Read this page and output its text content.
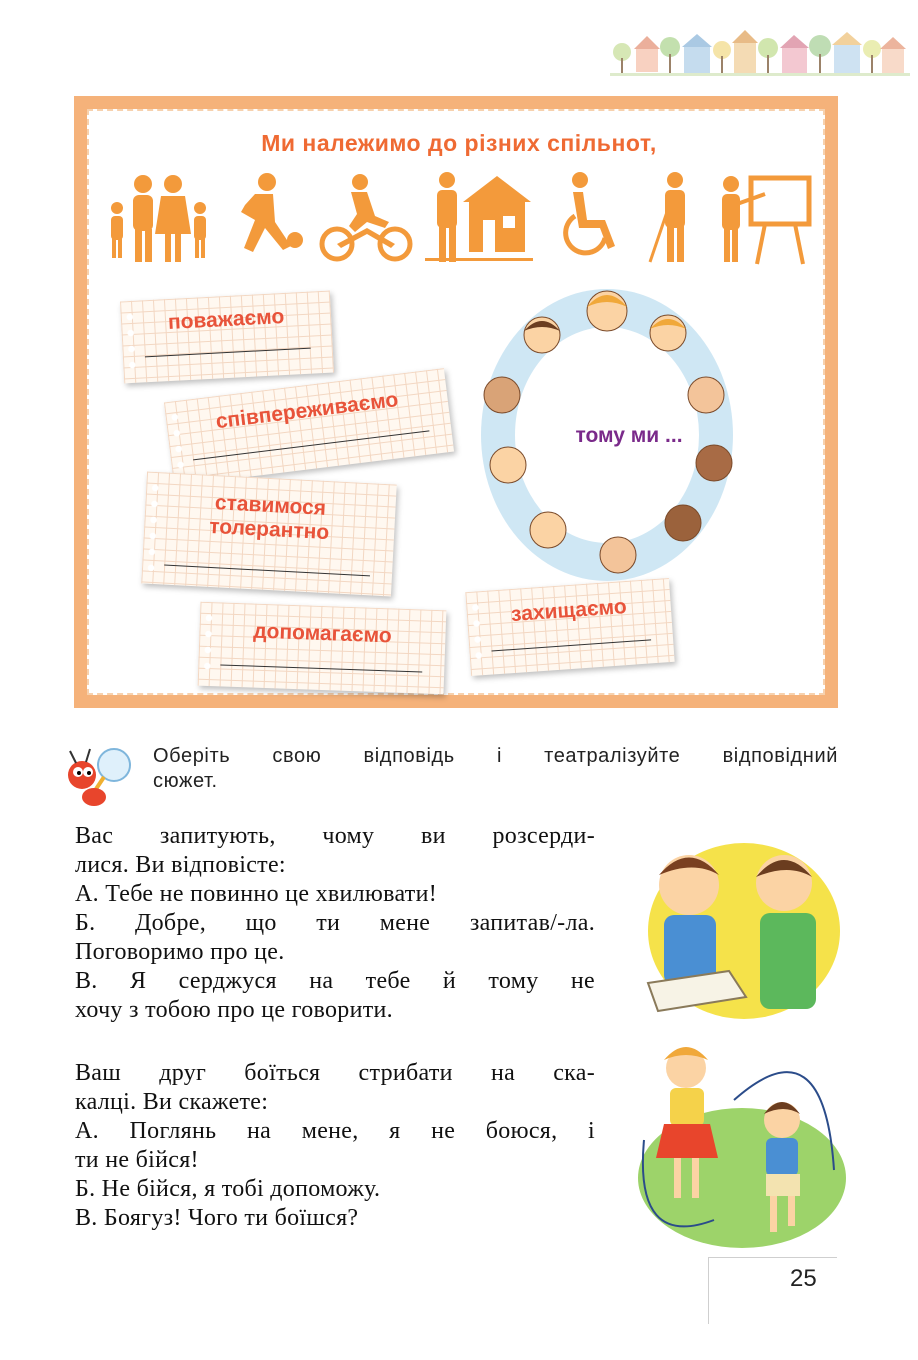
Ми належимо до різних спільнот,
поважаємо
співпереживаємо
ставимося толерантно
допомагаємо
захищаємо
тому ми ...
Оберіть свою відповідь і театралізуйте відповідний
сюжет.
Вас запитують, чому ви розсерди-
лися. Ви відповісте:
А. Тебе не повинно це хвилювати!
Б. Добре, що ти мене запитав/-ла.
Поговоримо про це.
В. Я серджуся на тебе й тому не
хочу з тобою про це говорити.
Ваш друг боїться стрибати на ска-
калці. Ви скажете:
А. Поглянь на мене, я не боюся, і
ти не бійся!
Б. Не бійся, я тобі допоможу.
В. Боягуз! Чого ти боїшся?
25
